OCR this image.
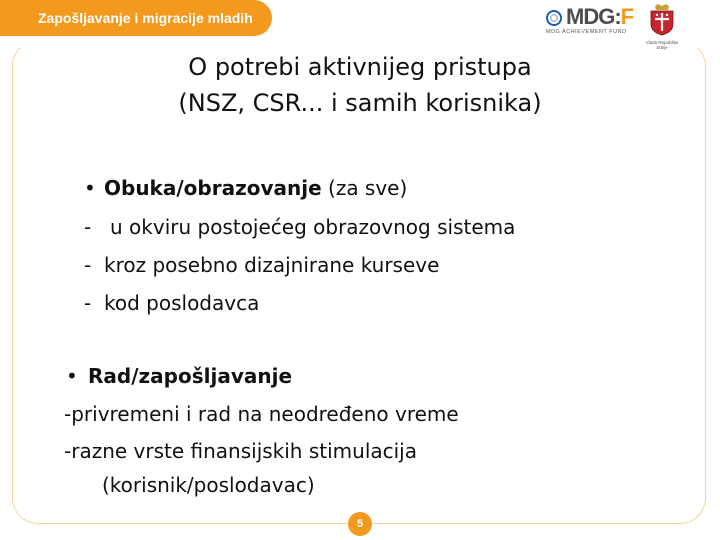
Zapošljavanje i migracije mladih	MDG:F
MDG ACHIEVEMENT FUND
Vlada Republike Srbije
O potrebi aktivnijeg pristupa
(NSZ, CSR... i samih korisnika)
• Obuka/obrazovanje (za sve)
- u okviru postojećeg obrazovnog sistema
- kroz posebno dizajnirane kurseve
- kod poslodavca
• Rad/zapošljavanje
-privremeni i rad na neodređeno vreme
-razne vrste finansijskih stimulacija
(korisnik/poslodavac)
5
